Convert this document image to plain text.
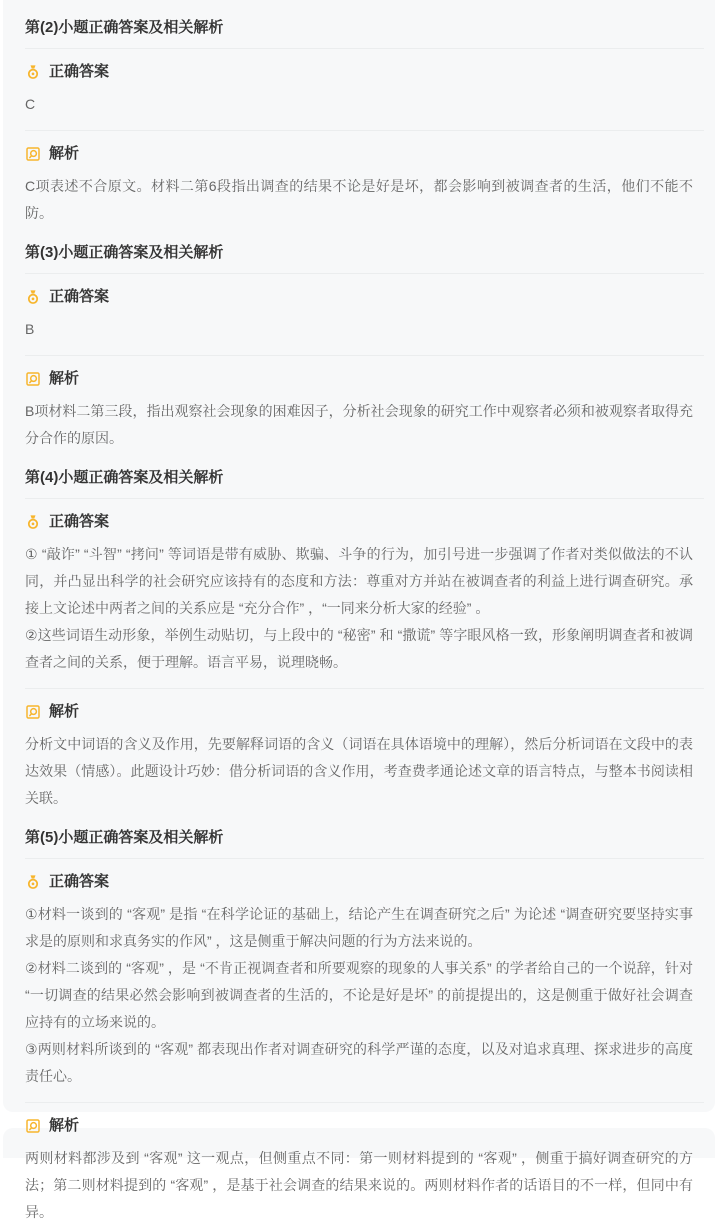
第(2)小题正确答案及相关解析
正确答案

C

解析

C项表述不合原文。材料二第6段指出调查的结果不论是好是坏，都会影响到被调查者的生活，他们不能不防。

第(3)小题正确答案及相关解析
正确答案

B

解析

B项材料二第三段，指出观察社会现象的困难因子，分析社会现象的研究工作中观察者必须和被观察者取得充分合作的原因。

第(4)小题正确答案及相关解析
正确答案

① “敲诈” “斗智” “拷问” 等词语是带有威胁、欺骗、斗争的行为，加引号进一步强调了作者对类似做法的不认同，并凸显出科学的社会研究应该持有的态度和方法：尊重对方并站在被调查者的利益上进行调查研究。承接上文论述中两者之间的关系应是 “充分合作” ，“一同来分析大家的经验” 。

②这些词语生动形象，举例生动贴切，与上段中的 “秘密” 和 “撒谎” 等字眼风格一致，形象阐明调查者和被调查者之间的关系，便于理解。语言平易，说理晓畅。

解析

分析文中词语的含义及作用，先要解释词语的含义（词语在具体语境中的理解），然后分析词语在文段中的表达效果（情感）。此题设计巧妙：借分析词语的含义作用，考查费孝通论述文章的语言特点，与整本书阅读相关联。

第(5)小题正确答案及相关解析
正确答案

①材料一谈到的 “客观” 是指 “在科学论证的基础上，结论产生在调查研究之后” 为论述 “调查研究要坚持实事求是的原则和求真务实的作风” ，这是侧重于解决问题的行为方法来说的。

②材料二谈到的 “客观” ，是 “不肯正视调查者和所要观察的现象的人事关系” 的学者给自己的一个说辞，针对 “一切调查的结果必然会影响到被调查者的生活的，不论是好是坏” 的前提提出的，这是侧重于做好社会调查应持有的立场来说的。

③两则材料所谈到的 “客观” 都表现出作者对调查研究的科学严谨的态度，以及对追求真理、探求进步的高度责任心。

解析

两则材料都涉及到 “客观” 这一观点，但侧重点不同：第一则材料提到的 “客观” ，侧重于搞好调查研究的方法；第二则材料提到的 “客观” ，是基于社会调查的结果来说的。两则材料作者的话语目的不一样，但同中有异。
